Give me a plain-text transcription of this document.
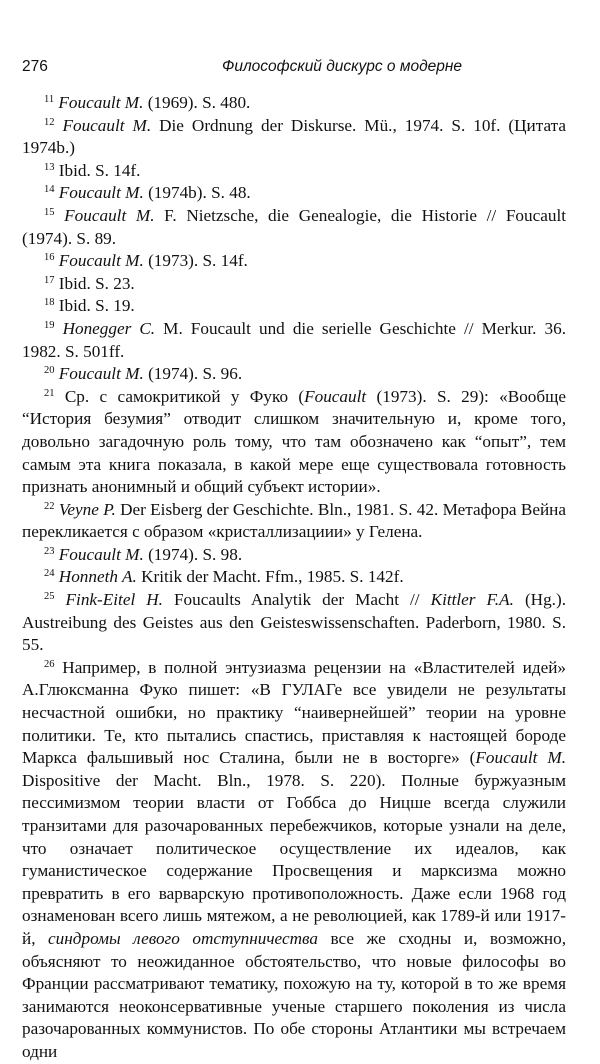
276	Философский дискурс о модерне

$^{11}$ Foucault M. (1969). S. 480.

$^{12}$ Foucault M. Die Ordnung der Diskurse. Mü., 1974. S. 10f. (Цитата 1974b.)

$^{13}$ Ibid. S. 14f.

$^{14}$ Foucault M. (1974b). S. 48.

$^{15}$ Foucault M. F. Nietzsche, die Genealogie, die Historie // Foucault (1974). S. 89.

$^{16}$ Foucault M. (1973). S. 14f.

$^{17}$ Ibid. S. 23.

$^{18}$ Ibid. S. 19.

$^{19}$ Honegger C. M. Foucault und die serielle Geschichte // Merkur. 36. 1982. S. 501ff.

$^{20}$ Foucault M. (1974). S. 96.

$^{21}$ Ср. с самокритикой у Фуко (Foucault (1973). S. 29): «Вообще “История безумия” отводит слишком значительную и, кроме того, довольно загадочную роль тому, что там обозначено как “опыт”, тем самым эта книга показала, в какой мере еще существовала готовность признать анонимный и общий субъект истории».

$^{22}$ Veyne P. Der Eisberg der Geschichte. Bln., 1981. S. 42. Метафора Вейна перекликается с образом «кристаллизациии» у Гелена.

$^{23}$ Foucault M. (1974). S. 98.

$^{24}$ Honneth A. Kritik der Macht. Ffm., 1985. S. 142f.

$^{25}$ Fink-Eitel H. Foucaults Analytik der Macht // Kittler F.A. (Hg.). Austreibung des Geistes aus den Geisteswissenschaften. Paderborn, 1980. S. 55.

$^{26}$ Например, в полной энтузиазма рецензии на «Властителей идей» А.Глюксманна Фуко пишет: «В ГУЛАГе все увидели не результаты несчастной ошибки, но практику “наивернейшей” теории на уровне политики. Те, кто пытались спастись, приставляя к настоящей бороде Маркса фальшивый нос Сталина, были не в восторге» (Foucault M. Dispositive der Macht. Bln., 1978. S. 220). Полные буржуазным пессимизмом теории власти от Гоббса до Ницше всегда служили транзитами для разочарованных перебежчиков, которые узнали на деле, что означает политическое осуществление их идеалов, как гуманистическое содержание Просвещения и марксизма можно превратить в его варварскую противоположность. Даже если 1968 год ознаменован всего лишь мятежом, а не революцией, как 1789-й или 1917-й, синдромы левого отступничества все же сходны и, возможно, объясняют то неожиданное обстоятельство, что новые философы во Франции рассматривают тематику, похожую на ту, которой в то же время занимаются неоконсервативные ученые старшего поколения из числа разочарованных коммунистов. По обе стороны Атлантики мы встречаем одни
